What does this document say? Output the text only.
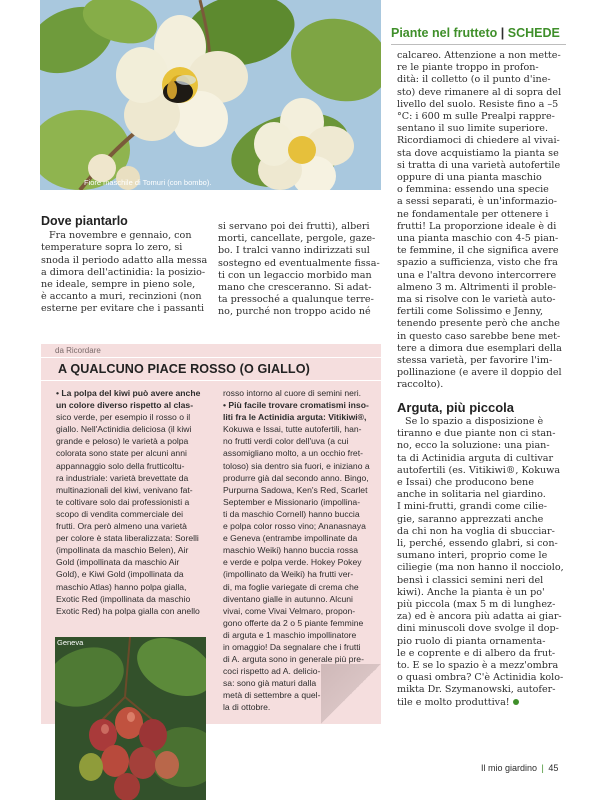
Fiore maschile di Tomuri (con bombo).
Piante nel frutteto | SCHEDE
Dove piantarlo
Fra novembre e gennaio, con
temperature sopra lo zero, si
snoda il periodo adatto alla messa
a dimora dell'actinidia: la posizio-
ne ideale, sempre in pieno sole,
è accanto a muri, recinzioni (non
esterne per evitare che i passanti
si servano poi dei frutti), alberi
morti, cancellate, pergole, gaze-
bo. I tralci vanno indirizzati sul
sostegno ed eventualmente fissa-
ti con un legaccio morbido man
mano che cresceranno. Si adat-
ta pressoché a qualunque terre-
no, purché non troppo acido né
calcareo. Attenzione a non mette-
re le piante troppo in profon-
dità: il colletto (o il punto d'ine-
sto) deve rimanere al di sopra del
livello del suolo. Resiste fino a –5
°C: i 600 m sulle Prealpi rappre-
sentano il suo limite superiore.
Ricordiamoci di chiedere al vivai-
sta dove acquistiamo la pianta se
si tratta di una varietà autofertile
oppure di una pianta maschio
o femmina: essendo una specie
a sessi separati, è un'informazio-
ne fondamentale per ottenere i
frutti! La proporzione ideale è di
una pianta maschio con 4-5 pian-
te femmine, il che significa avere
spazio a sufficienza, visto che fra
una e l'altra devono intercorrere
almeno 3 m. Altrimenti il proble-
ma si risolve con le varietà auto-
fertili come Solissimo e Jenny,
tenendo presente però che anche
in questo caso sarebbe bene met-
tere a dimora due esemplari della
stessa varietà, per favorire l'im-
pollinazione (e avere il doppio del
raccolto).
Arguta, più piccola
Se lo spazio a disposizione è
tiranno e due piante non ci stan-
no, ecco la soluzione: una pian-
ta di Actinidia arguta di cultivar
autofertili (es. Vitikiwi®, Kokuwa
e Issai) che producono bene
anche in solitaria nel giardino.
I mini-frutti, grandi come cilie-
gie, saranno apprezzati anche
da chi non ha voglia di sbucciar-
li, perché, essendo glabri, si con-
sumano interi, proprio come le
ciliegie (ma non hanno il nocciolo,
bensì i classici semini neri del
kiwi). Anche la pianta è un po'
più piccola (max 5 m di lunghez-
za) ed è ancora più adatta ai giar-
dini minuscoli dove svolge il dop-
pio ruolo di pianta ornamenta-
le e coprente e di albero da frut-
to. E se lo spazio è a mezz'ombra
o quasi ombra? C'è Actinidia kolo-
mikta Dr. Szymanowski, autofer-
tile e molto produttiva!
da Ricordare
A QUALCUNO PIACE ROSSO (O GIALLO)
• La polpa del kiwi può avere anche
un colore diverso rispetto al clas-
sico verde, per esempio il rosso o il
giallo. Nell'Actinidia deliciosa (il kiwi
grande e peloso) le varietà a polpa
colorata sono state per alcuni anni
appannaggio solo della frutticoltu-
ra industriale: varietà brevettate da
multinazionali del kiwi, venivano fat-
te coltivare solo dai professionisti a
scopo di vendita commerciale dei
frutti. Ora però almeno una varietà
per colore è stata liberalizzata: Sorelli
(impollinata da maschio Belen), Air
Gold (impollinata da maschio Air
Gold), e Kiwi Gold (impollinata da
maschio Atlas) hanno polpa gialla,
Exotic Red (impollinata da maschio
Exotic Red) ha polpa gialla con anello
rosso intorno al cuore di semini neri.
• Più facile trovare cromatismi inso-
liti fra le Actinidia arguta: Vitikiwi®,
Kokuwa e Issai, tutte autofertili, han-
no frutti verdi color dell'uva (a cui
assomigliano molto, a un occhio fret-
toloso) sia dentro sia fuori, e iniziano a
produrre già dal secondo anno. Bingo,
Purpurna Sadowa, Ken's Red, Scarlet
September e Missionario (impollina-
ti da maschio Cornell) hanno buccia
e polpa color rosso vino; Ananasnaya
e Geneva (entrambe impollinate da
maschio Weiki) hanno buccia rossa
e verde e polpa verde. Hokey Pokey
(impollinato da Weiki) ha frutti ver-
di, ma foglie variegate di crema che
diventano gialle in autunno. Alcuni
vivai, come Vivai Velmaro, propon-
gono offerte da 2 o 5 piante femmine
di arguta e 1 maschio impollinatore
in omaggio! Da segnalare che i frutti
di A. arguta sono in generale più pre-
coci rispetto ad A. delicio-
sa: sono già maturi dalla
metà di settembre a quel-
la di ottobre.
Geneva
Il mio giardino | 45
